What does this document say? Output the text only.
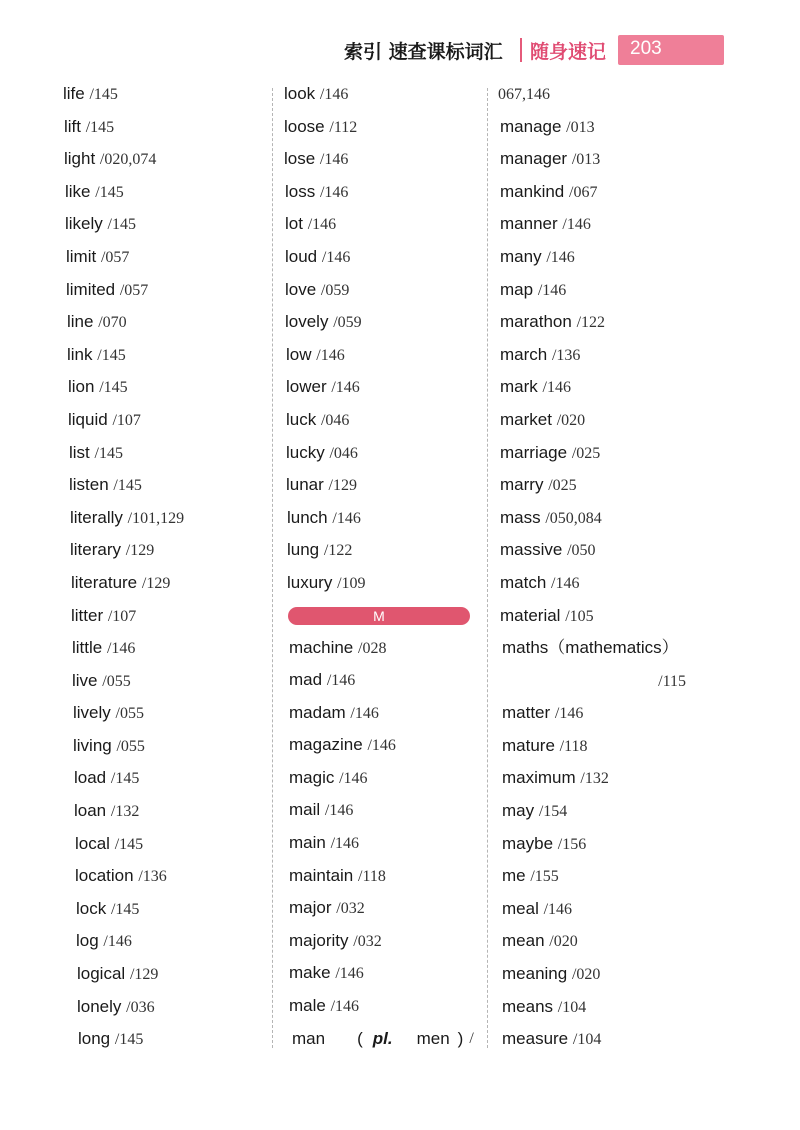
索引 速查课标词汇 随身速记 203
life /145
lift /145
light /020,074
like /145
likely /145
limit /057
limited /057
line /070
link /145
lion /145
liquid /107
list /145
listen /145
literally /101,129
literary /129
literature /129
litter /107
little /146
live /055
lively /055
living /055
load /145
loan /132
local /145
location /136
lock /145
log /146
logical /129
lonely /036
long /145
look /146
loose /112
lose /146
loss /146
lot /146
loud /146
love /059
lovely /059
low /146
lower /146
luck /046
lucky /046
lunar /129
lunch /146
lung /122
luxury /109
M
machine /028
mad /146
madam /146
magazine /146
magic /146
mail /146
main /146
maintain /118
major /032
majority /032
make /146
male /146
man ( pl. men ) /
067,146
manage /013
manager /013
mankind /067
manner /146
many /146
map /146
marathon /122
march /136
mark /146
market /020
marriage /025
marry /025
mass /050,084
massive /050
match /146
material /105
maths（mathematics）
/115
matter /146
mature /118
maximum /132
may /154
maybe /156
me /155
meal /146
mean /020
meaning /020
means /104
measure /104
